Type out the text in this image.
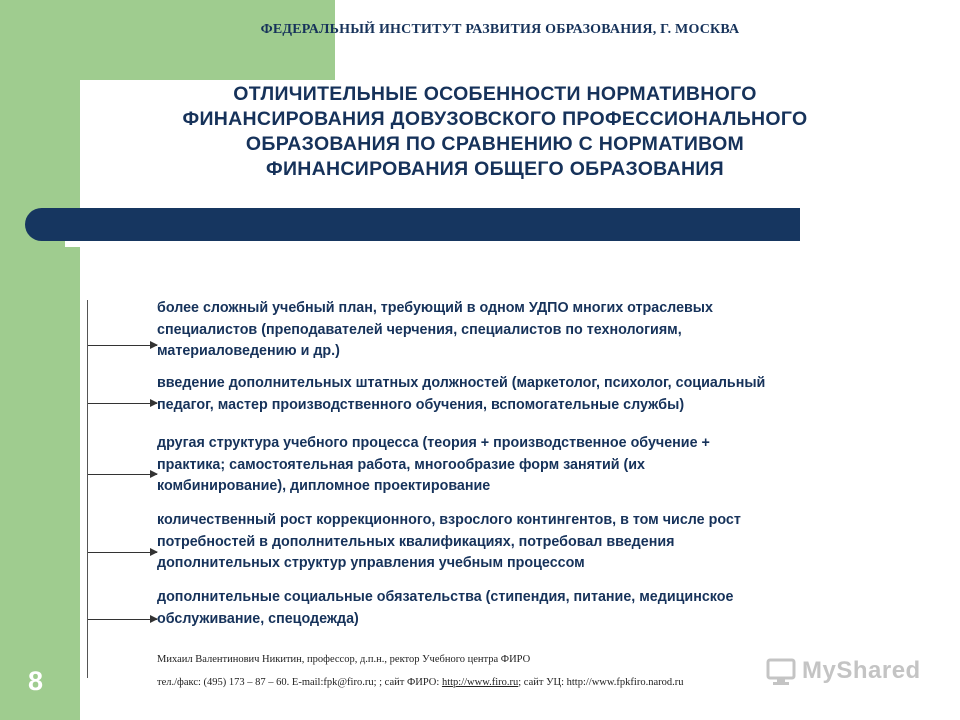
ФЕДЕРАЛЬНЫЙ ИНСТИТУТ РАЗВИТИЯ ОБРАЗОВАНИЯ, Г. МОСКВА
ОТЛИЧИТЕЛЬНЫЕ ОСОБЕННОСТИ НОРМАТИВНОГО
ФИНАНСИРОВАНИЯ ДОВУЗОВСКОГО ПРОФЕССИОНАЛЬНОГО
ОБРАЗОВАНИЯ ПО СРАВНЕНИЮ С НОРМАТИВОМ
ФИНАНСИРОВАНИЯ ОБЩЕГО ОБРАЗОВАНИЯ
более сложный учебный план, требующий в одном УДПО многих отраслевых
специалистов (преподавателей черчения, специалистов по технологиям,
материаловедению и др.)
введение дополнительных штатных должностей (маркетолог, психолог, социальный
педагог, мастер производственного обучения, вспомогательные службы)
другая структура учебного процесса (теория + производственное обучение +
практика; самостоятельная работа, многообразие форм занятий (их
комбинирование), дипломное проектирование
количественный рост коррекционного, взрослого контингентов, в том числе рост
потребностей в дополнительных квалификациях, потребовал введения
дополнительных структур управления учебным процессом
дополнительные социальные обязательства (стипендия, питание, медицинское
обслуживание, спецодежда)
Михаил Валентинович Никитин, профессор, д.п.н., ректор Учебного центра ФИРО
тел./факс: (495) 173 – 87 – 60. E-mail:fpk@firo.ru; ; сайт ФИРО: http://www.firo.ru; сайт УЦ: http://www.fpkfirо.narod.ru
8	MyShared
